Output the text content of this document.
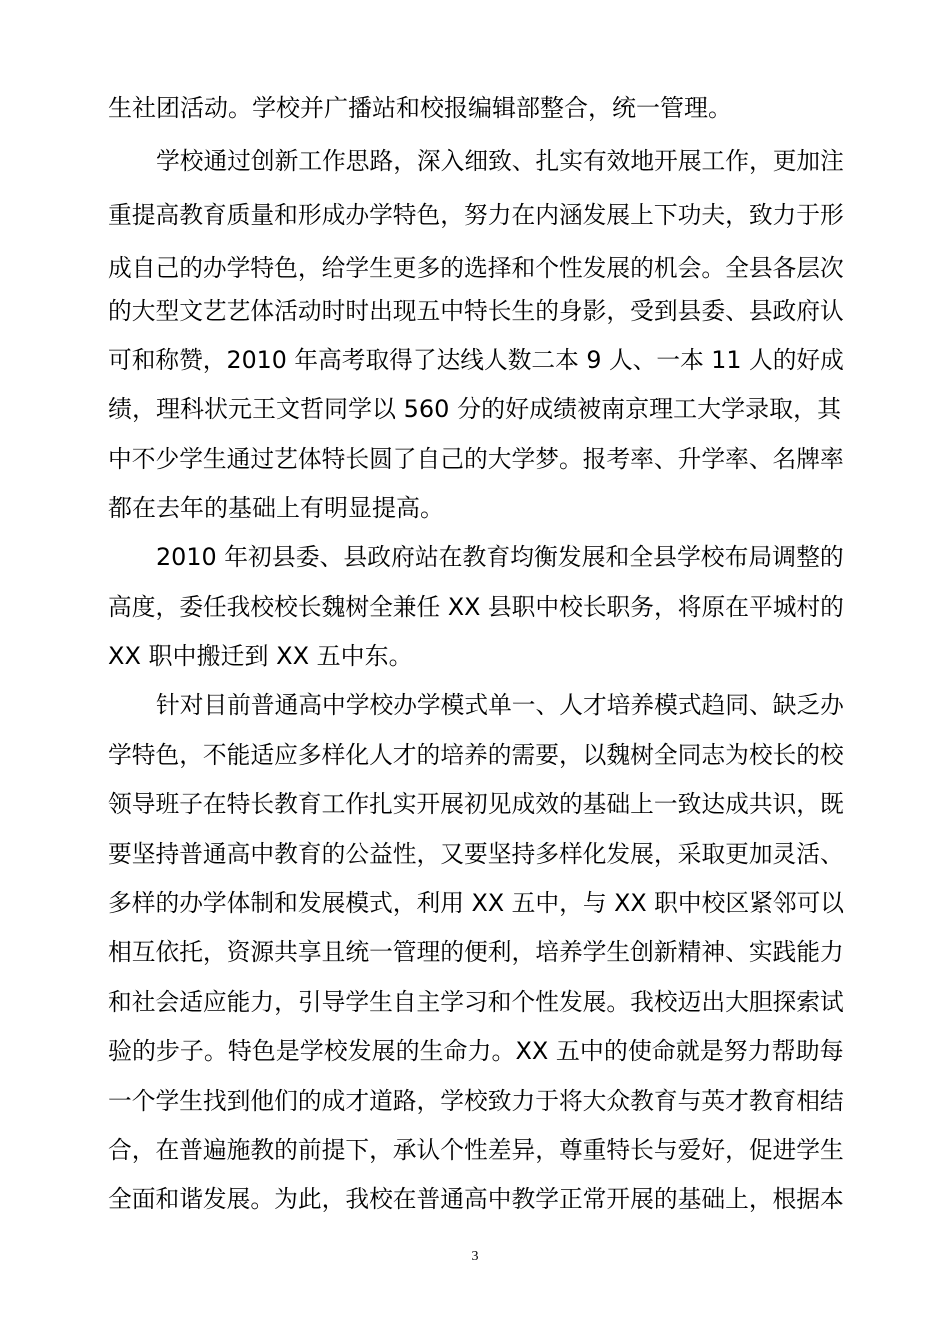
生社团活动。学校并广播站和校报编辑部整合，统一管理。
学校通过创新工作思路，深入细致、扎实有效地开展工作，更加注
重提高教育质量和形成办学特色，努力在内涵发展上下功夫，致力于形
成自己的办学特色，给学生更多的选择和个性发展的机会。全县各层次
的大型文艺艺体活动时时出现五中特长生的身影，受到县委、县政府认
可和称赞，2010 年高考取得了达线人数二本 9 人、一本 11 人的好成
绩，理科状元王文哲同学以 560 分的好成绩被南京理工大学录取，其
中不少学生通过艺体特长圆了自己的大学梦。报考率、升学率、名牌率
都在去年的基础上有明显提高。
2010 年初县委、县政府站在教育均衡发展和全县学校布局调整的
高度，委任我校校长魏树全兼任 XX 县职中校长职务，将原在平城村的
XX 职中搬迁到 XX 五中东。
针对目前普通高中学校办学模式单一、人才培养模式趋同、缺乏办
学特色，不能适应多样化人才的培养的需要，以魏树全同志为校长的校
领导班子在特长教育工作扎实开展初见成效的基础上一致达成共识，既
要坚持普通高中教育的公益性，又要坚持多样化发展，采取更加灵活、
多样的办学体制和发展模式，利用 XX 五中，与 XX 职中校区紧邻可以
相互依托，资源共享且统一管理的便利，培养学生创新精神、实践能力
和社会适应能力，引导学生自主学习和个性发展。我校迈出大胆探索试
验的步子。特色是学校发展的生命力。XX 五中的使命就是努力帮助每
一个学生找到他们的成才道路，学校致力于将大众教育与英才教育相结
合，在普遍施教的前提下，承认个性差异，尊重特长与爱好，促进学生
全面和谐发展。为此，我校在普通高中教学正常开展的基础上，根据本
3
